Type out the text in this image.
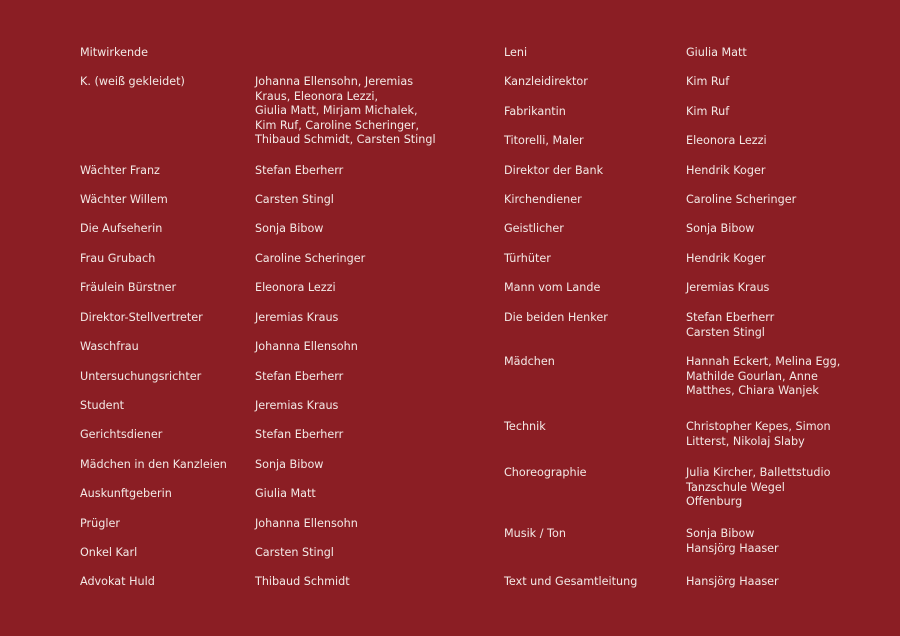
Mitwirkende
K. (weiß gekleidet)	Johanna Ellensohn, Jeremias
Kraus, Eleonora Lezzi,
Giulia Matt, Mirjam Michalek,
Kim Ruf, Caroline Scheringer,
Thibaud Schmidt, Carsten Stingl
Wächter Franz	Stefan Eberherr
Wächter Willem	Carsten Stingl
Die Aufseherin	Sonja Bibow
Frau Grubach	Caroline Scheringer
Fräulein Bürstner	Eleonora Lezzi
Direktor-Stellvertreter	Jeremias Kraus
Waschfrau	Johanna Ellensohn
Untersuchungsrichter	Stefan Eberherr
Student	Jeremias Kraus
Gerichtsdiener	Stefan Eberherr
Mädchen in den Kanzleien	Sonja Bibow
Auskunftgeberin	Giulia Matt
Prügler	Johanna Ellensohn
Onkel Karl	Carsten Stingl
Advokat Huld	Thibaud Schmidt
Leni	Giulia Matt
Kanzleidirektor	Kim Ruf
Fabrikantin	Kim Ruf
Titorelli, Maler	Eleonora Lezzi
Direktor der Bank	Hendrik Koger
Kirchendiener	Caroline Scheringer
Geistlicher	Sonja Bibow
Türhüter	Hendrik Koger
Mann vom Lande	Jeremias Kraus
Die beiden Henker	Stefan Eberherr
Carsten Stingl
Mädchen	Hannah Eckert, Melina Egg,
Mathilde Gourlan, Anne
Matthes, Chiara Wanjek
Technik	Christopher Kepes, Simon
Litterst, Nikolaj Slaby
Choreographie	Julia Kircher, Ballettstudio
Tanzschule Wegel
Offenburg
Musik / Ton	Sonja Bibow
Hansjörg Haaser
Text und Gesamtleitung	Hansjörg Haaser
